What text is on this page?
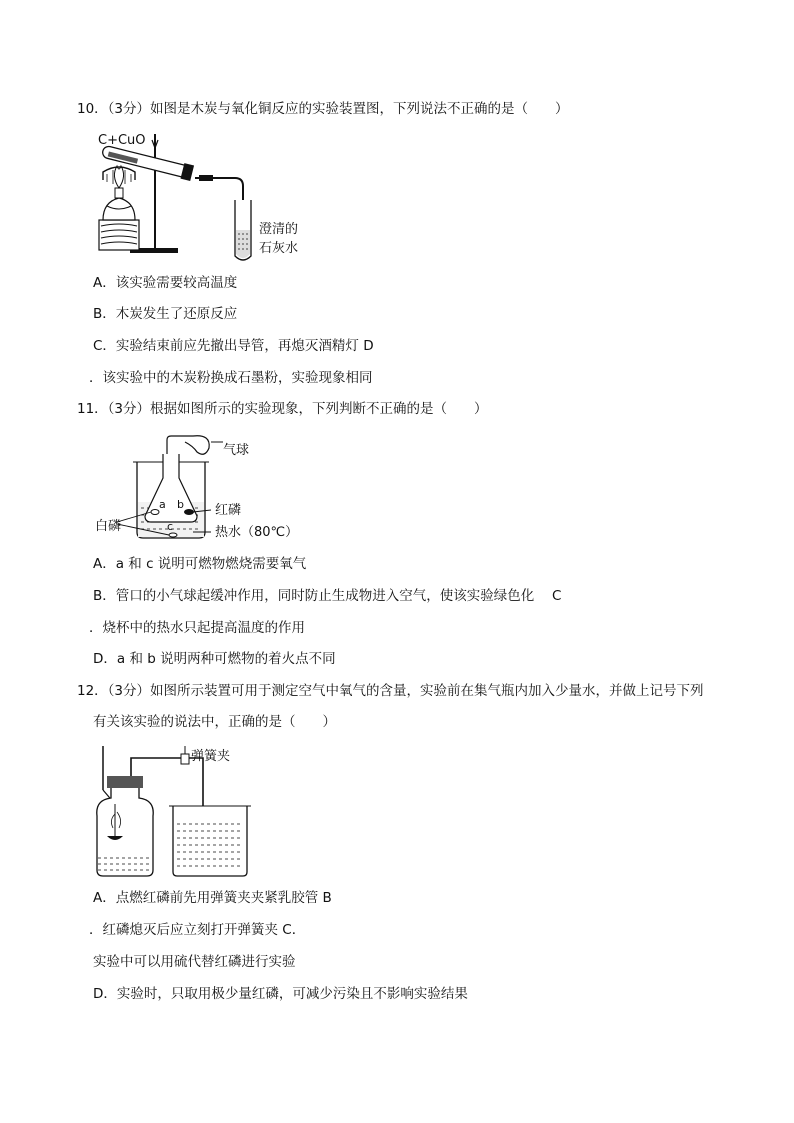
10．（3分）如图是木炭与氧化铜反应的实验装置图，下列说法不正确的是（　　）
C+CuO
澄清的
石灰水
A．该实验需要较高温度
B．木炭发生了还原反应
C．实验结束前应先撤出导管，再熄灭酒精灯 D
．该实验中的木炭粉换成石墨粉，实验现象相同
11．（3分）根据如图所示的实验现象，下列判断不正确的是（　　）
气球
a b
c
红磷
热水（80℃）
白磷
A．a 和 c 说明可燃物燃烧需要氧气
B．管口的小气球起缓冲作用，同时防止生成物进入空气，使该实验绿色化　 C
．烧杯中的热水只起提高温度的作用
D．a 和 b 说明两种可燃物的着火点不同
12．（3分）如图所示装置可用于测定空气中氧气的含量，实验前在集气瓶内加入少量水，并做上记号下列
有关该实验的说法中，正确的是（　　）
弹簧夹
A．点燃红磷前先用弹簧夹夹紧乳胶管 B
．红磷熄灭后应立刻打开弹簧夹 C．
实验中可以用硫代替红磷进行实验
D．实验时，只取用极少量红磷，可减少污染且不影响实验结果
